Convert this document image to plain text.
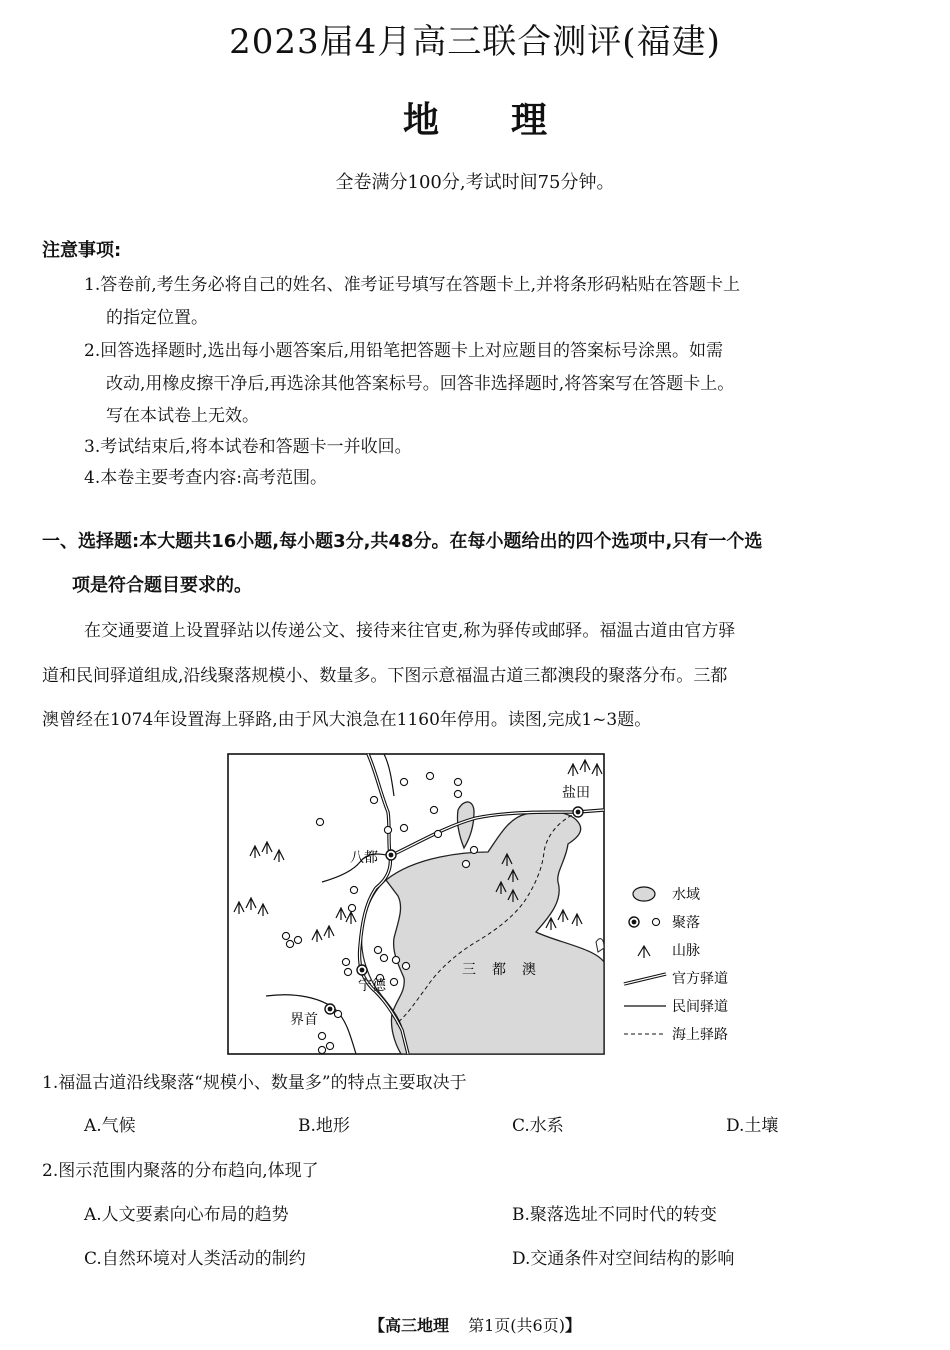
2023届4月高三联合测评(福建)
地理
全卷满分100分,考试时间75分钟。
注意事项:
1.答卷前,考生务必将自己的姓名、准考证号填写在答题卡上,并将条形码粘贴在答题卡上
的指定位置。
2.回答选择题时,选出每小题答案后,用铅笔把答题卡上对应题目的答案标号涂黑。如需
改动,用橡皮擦干净后,再选涂其他答案标号。回答非选择题时,将答案写在答题卡上。
写在本试卷上无效。
3.考试结束后,将本试卷和答题卡一并收回。
4.本卷主要考查内容:高考范围。
一、选择题:本大题共16小题,每小题3分,共48分。在每小题给出的四个选项中,只有一个选
项是符合题目要求的。
在交通要道上设置驿站以传递公文、接待来往官吏,称为驿传或邮驿。福温古道由官方驿
道和民间驿道组成,沿线聚落规模小、数量多。下图示意福温古道三都澳段的聚落分布。三都
澳曾经在1074年设置海上驿路,由于风大浪急在1160年停用。读图,完成1~3题。
盐田
八都
宁德
界首
三都澳
水域
聚落
山脉
官方驿道
民间驿道
海上驿路
1.福温古道沿线聚落“规模小、数量多”的特点主要取决于
A.气候	B.地形	C.水系	D.土壤
2.图示范围内聚落的分布趋向,体现了
A.人文要素向心布局的趋势	B.聚落选址不同时代的转变
C.自然环境对人类活动的制约	D.交通条件对空间结构的影响
【高三地理 第1页(共6页)】
